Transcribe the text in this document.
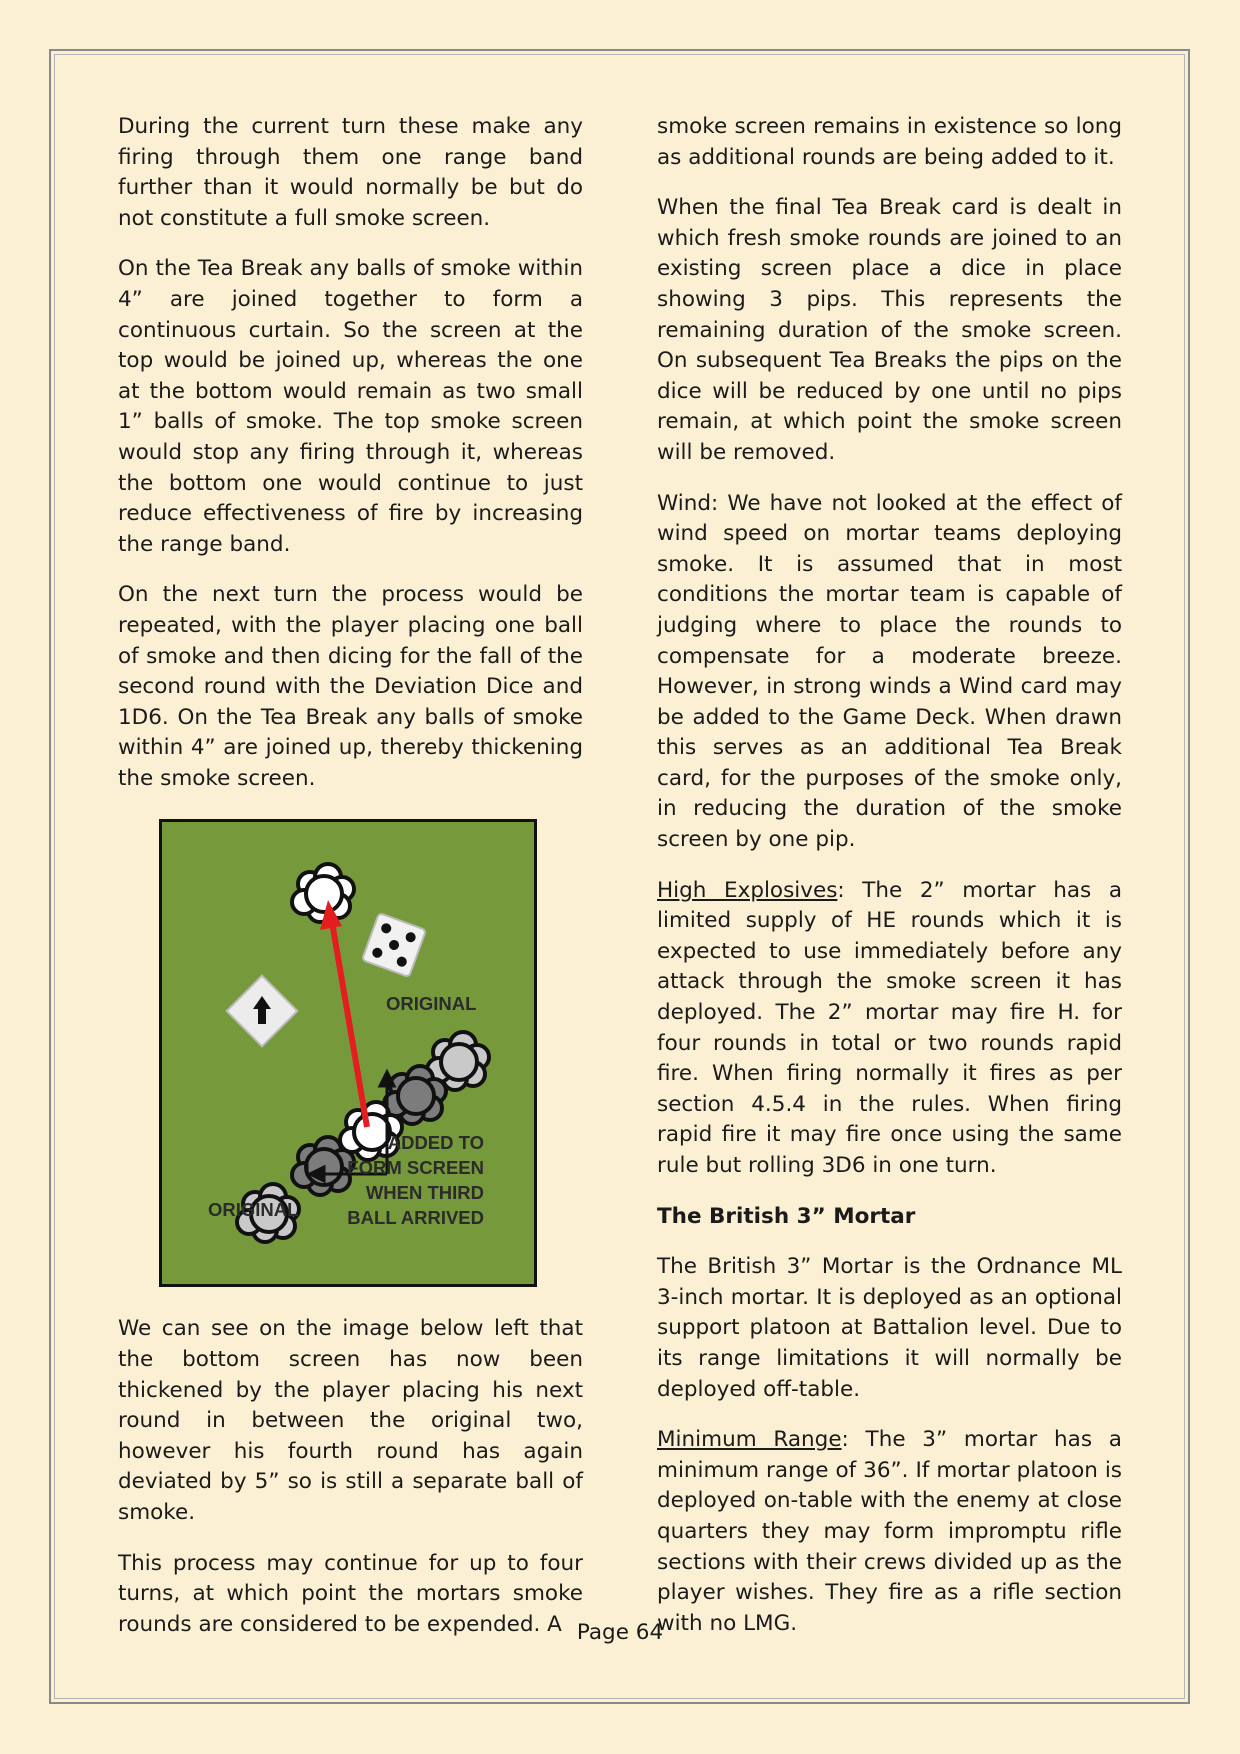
During the current turn these make any firing through them one range band further than it would normally be but do not constitute a full smoke screen.

On the Tea Break any balls of smoke within 4” are joined together to form a continuous curtain. So the screen at the top would be joined up, whereas the one at the bottom would remain as two small 1” balls of smoke. The top smoke screen would stop any firing through it, whereas the bottom one would continue to just reduce effectiveness of fire by increasing the range band.

On the next turn the process would be repeated, with the player placing one ball of smoke and then dicing for the fall of the second round with the Deviation Dice and 1D6. On the Tea Break any balls of smoke within 4” are joined up, thereby thickening the smoke screen.

ORIGINAL
ORIGINAL
ADDED TO
FORM SCREEN
WHEN THIRD
BALL ARRIVED

We can see on the image below left that the bottom screen has now been thickened by the player placing his next round in between the original two, however his fourth round has again deviated by 5” so is still a separate ball of smoke.

This process may continue for up to four turns, at which point the mortars smoke rounds are considered to be expended. A

smoke screen remains in existence so long as additional rounds are being added to it.

When the final Tea Break card is dealt in which fresh smoke rounds are joined to an existing screen place a dice in place showing 3 pips. This represents the remaining duration of the smoke screen. On subsequent Tea Breaks the pips on the dice will be reduced by one until no pips remain, at which point the smoke screen will be removed.

Wind: We have not looked at the effect of wind speed on mortar teams deploying smoke. It is assumed that in most conditions the mortar team is capable of judging where to place the rounds to compensate for a moderate breeze. However, in strong winds a Wind card may be added to the Game Deck. When drawn this serves as an additional Tea Break card, for the purposes of the smoke only, in reducing the duration of the smoke screen by one pip.

High Explosives: The 2” mortar has a limited supply of HE rounds which it is expected to use immediately before any attack through the smoke screen it has deployed. The 2” mortar may fire H. for four rounds in total or two rounds rapid fire. When firing normally it fires as per section 4.5.4 in the rules. When firing rapid fire it may fire once using the same rule but rolling 3D6 in one turn.

The British 3” Mortar

The British 3” Mortar is the Ordnance ML 3-inch mortar. It is deployed as an optional support platoon at Battalion level. Due to its range limitations it will normally be deployed off-table.

Minimum Range: The 3” mortar has a minimum range of 36”. If mortar platoon is deployed on-table with the enemy at close quarters they may form impromptu rifle sections with their crews divided up as the player wishes. They fire as a rifle section with no LMG.

Page 64
